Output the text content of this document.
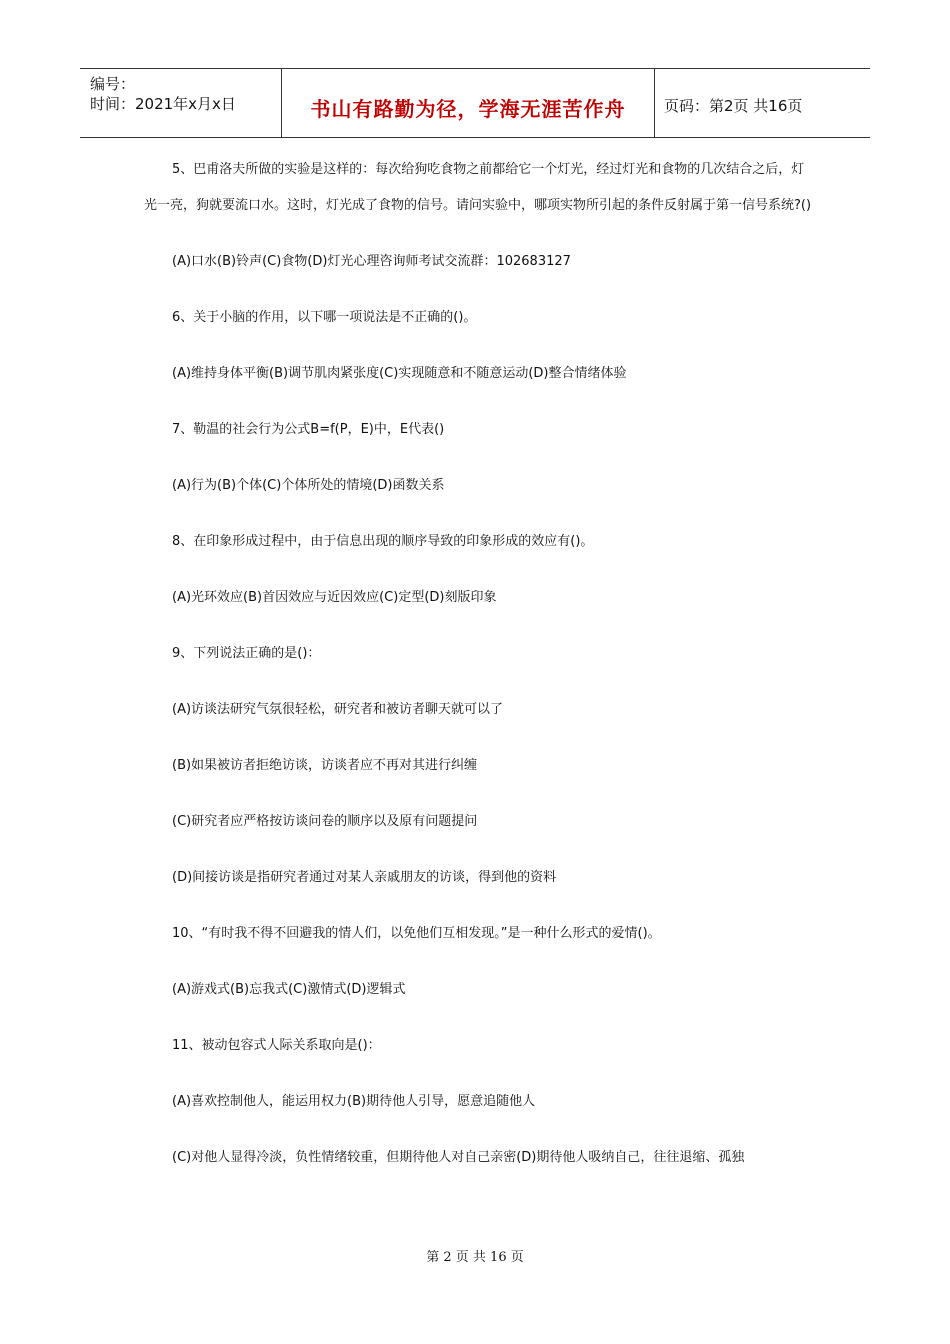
编号：
时间：2021年x月x日	书山有路勤为径，学海无涯苦作舟	页码：第2页 共16页

5、巴甫洛夫所做的实验是这样的：每次给狗吃食物之前都给它一个灯光，经过灯光和食物的几次结合之后，灯光一亮，狗就要流口水。这时，灯光成了食物的信号。请问实验中，哪项实物所引起的条件反射属于第一信号系统?()

(A)口水(B)铃声(C)食物(D)灯光心理咨询师考试交流群：102683127
6、关于小脑的作用，以下哪一项说法是不正确的()。
(A)维持身体平衡(B)调节肌肉紧张度(C)实现随意和不随意运动(D)整合情绪体验
7、勒温的社会行为公式B=f(P，E)中，E代表()
(A)行为(B)个体(C)个体所处的情境(D)函数关系
8、在印象形成过程中，由于信息出现的顺序导致的印象形成的效应有()。
(A)光环效应(B)首因效应与近因效应(C)定型(D)刻版印象
9、下列说法正确的是()：
(A)访谈法研究气氛很轻松，研究者和被访者聊天就可以了
(B)如果被访者拒绝访谈，访谈者应不再对其进行纠缠
(C)研究者应严格按访谈问卷的顺序以及原有问题提问
(D)间接访谈是指研究者通过对某人亲戚朋友的访谈，得到他的资料
10、“有时我不得不回避我的情人们，以免他们互相发现。”是一种什么形式的爱情()。
(A)游戏式(B)忘我式(C)激情式(D)逻辑式
11、被动包容式人际关系取向是()：
(A)喜欢控制他人，能运用权力(B)期待他人引导，愿意追随他人
(C)对他人显得冷淡，负性情绪较重，但期待他人对自己亲密(D)期待他人吸纳自己，往往退缩、孤独
第 2 页 共 16 页
